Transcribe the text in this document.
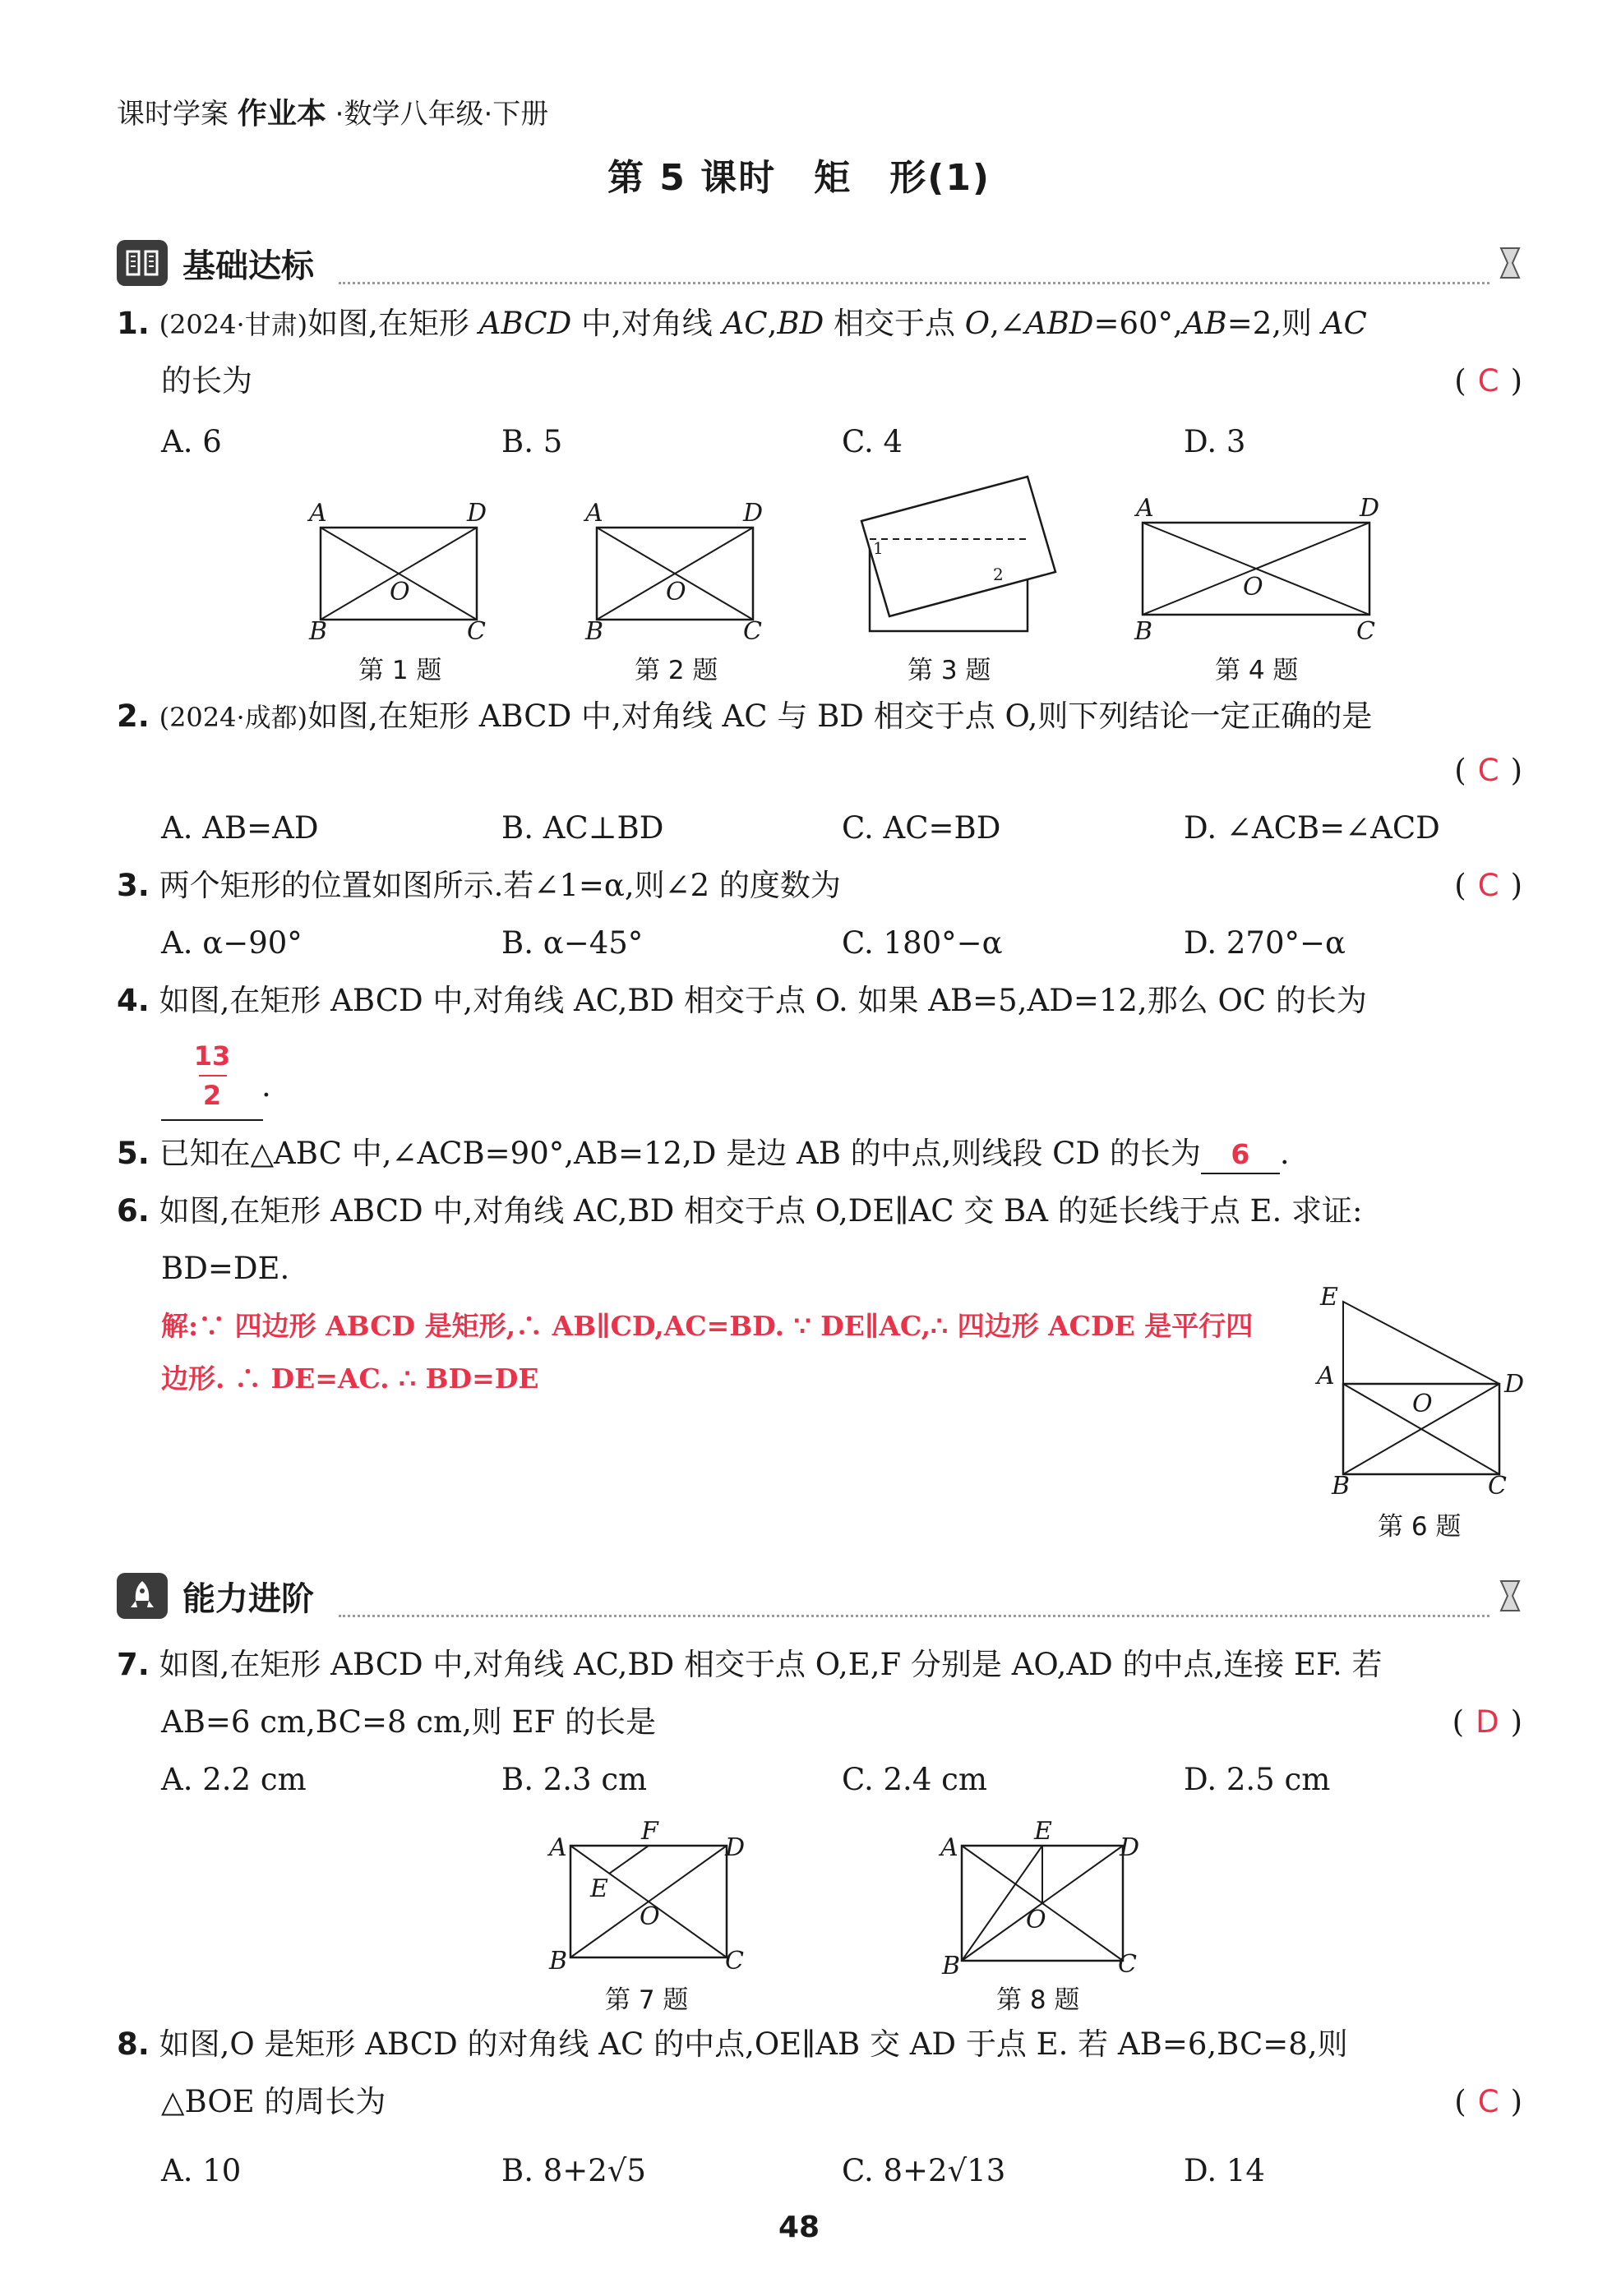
课时学案 作业本 ·数学八年级·下册
第 5 课时　矩　形(1)
基础达标
1. (2024·甘肃)如图,在矩形 ABCD 中,对角线 AC,BD 相交于点 O,∠ABD=60°,AB=2,则 AC
的长为	( C )
A. 6	B. 5	C. 4	D. 3
A	D
B	C
O
第 1 题
A	D
B	C
O
第 2 题
1
2
第 3 题
A	D
B	C
O
第 4 题
2. (2024·成都)如图,在矩形 ABCD 中,对角线 AC 与 BD 相交于点 O,则下列结论一定正确的是
( C )
A. AB=AD	B. AC⊥BD	C. AC=BD	D. ∠ACB=∠ACD
3. 两个矩形的位置如图所示.若∠1=α,则∠2 的度数为	( C )
A. α−90°	B. α−45°	C. 180°−α	D. 270°−α
4. 如图,在矩形 ABCD 中,对角线 AC,BD 相交于点 O. 如果 AB=5,AD=12,那么 OC 的长为
13
2	.
5. 已知在△ABC 中,∠ACB=90°,AB=12,D 是边 AB 的中点,则线段 CD 的长为 6 .
6. 如图,在矩形 ABCD 中,对角线 AC,BD 相交于点 O,DE∥AC 交 BA 的延长线于点 E. 求证:
BD=DE.
解:∵ 四边形 ABCD 是矩形,∴ AB∥CD,AC=BD. ∵ DE∥AC,∴ 四边形 ACDE 是平行四
边形. ∴ DE=AC. ∴ BD=DE
E
A	D
B	C
O
第 6 题
能力进阶
7. 如图,在矩形 ABCD 中,对角线 AC,BD 相交于点 O,E,F 分别是 AO,AD 的中点,连接 EF. 若
AB=6 cm,BC=8 cm,则 EF 的长是	( D )
A. 2.2 cm	B. 2.3 cm	C. 2.4 cm	D. 2.5 cm
A
F
D
E
O
B	C
第 7 题
A
E
D
O
B	C
第 8 题
8. 如图,O 是矩形 ABCD 的对角线 AC 的中点,OE∥AB 交 AD 于点 E. 若 AB=6,BC=8,则
△BOE 的周长为	( C )
A. 10	B. 8+2√5	C. 8+2√13	D. 14
48
